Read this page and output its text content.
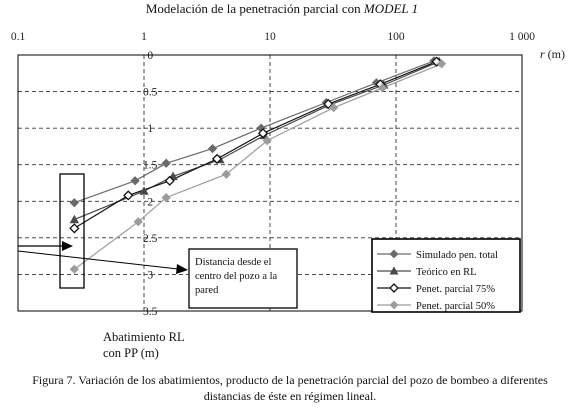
Modelación de la penetración parcial con MODEL 1
0.1	1	10	100	1 000
0
0.5
1
1.5
2
2.5
3
3.5
r (m)
Distancia desde el
centro del pozo a la
pared
Simulado pen. total
Teórico en RL
Penet. parcial 75%
Penet. parcial 50%
Abatimiento RL
con PP (m)
Figura 7. Variación de los abatimientos, producto de la penetración parcial del pozo de bombeo a diferentes
distancias de éste en régimen lineal.
